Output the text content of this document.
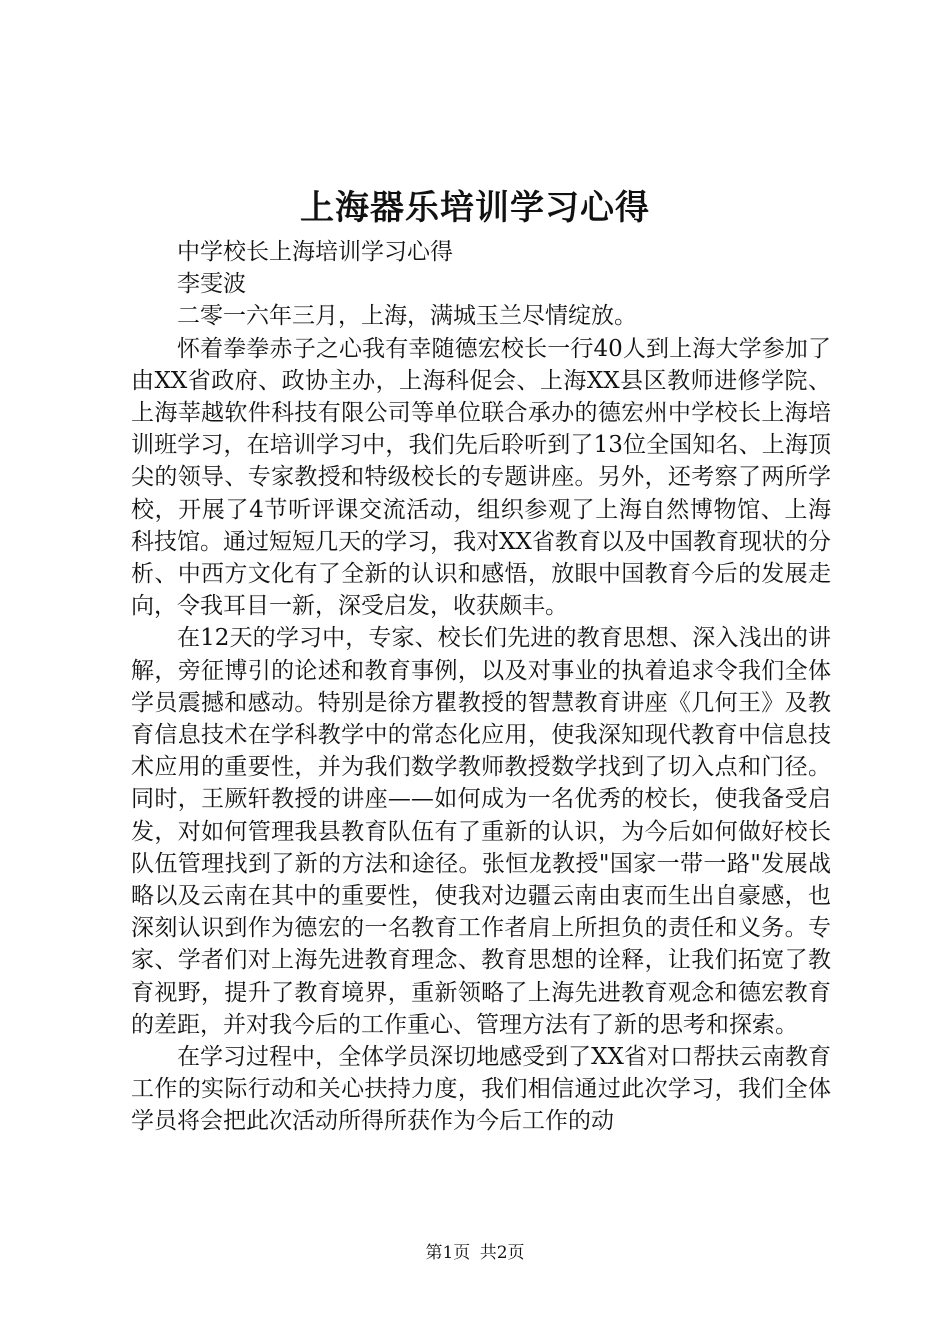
上海器乐培训学习心得

中学校长上海培训学习心得

李雯波

二零一六年三月，上海，满城玉兰尽情绽放。

怀着拳拳赤子之心我有幸随德宏校长一行40人到上海大学参加了由XX省政府、政协主办，上海科促会、上海XX县区教师进修学院、上海莘越软件科技有限公司等单位联合承办的德宏州中学校长上海培训班学习，在培训学习中，我们先后聆听到了13位全国知名、上海顶尖的领导、专家教授和特级校长的专题讲座。另外，还考察了两所学校，开展了4节听评课交流活动，组织参观了上海自然博物馆、上海科技馆。通过短短几天的学习，我对XX省教育以及中国教育现状的分析、中西方文化有了全新的认识和感悟，放眼中国教育今后的发展走向，令我耳目一新，深受启发，收获颇丰。

在12天的学习中，专家、校长们先进的教育思想、深入浅出的讲解，旁征博引的论述和教育事例，以及对事业的执着追求令我们全体学员震撼和感动。特别是徐方瞿教授的智慧教育讲座《几何王》及教育信息技术在学科教学中的常态化应用，使我深知现代教育中信息技术应用的重要性，并为我们数学教师教授数学找到了切入点和门径。同时，王厥轩教授的讲座——如何成为一名优秀的校长，使我备受启发，对如何管理我县教育队伍有了重新的认识，为今后如何做好校长队伍管理找到了新的方法和途径。张恒龙教授"国家一带一路"发展战略以及云南在其中的重要性，使我对边疆云南由衷而生出自豪感，也深刻认识到作为德宏的一名教育工作者肩上所担负的责任和义务。专家、学者们对上海先进教育理念、教育思想的诠释，让我们拓宽了教育视野，提升了教育境界，重新领略了上海先进教育观念和德宏教育的差距，并对我今后的工作重心、管理方法有了新的思考和探索。

在学习过程中，全体学员深切地感受到了XX省对口帮扶云南教育工作的实际行动和关心扶持力度，我们相信通过此次学习，我们全体学员将会把此次活动所得所获作为今后工作的动

第1页 共2页
